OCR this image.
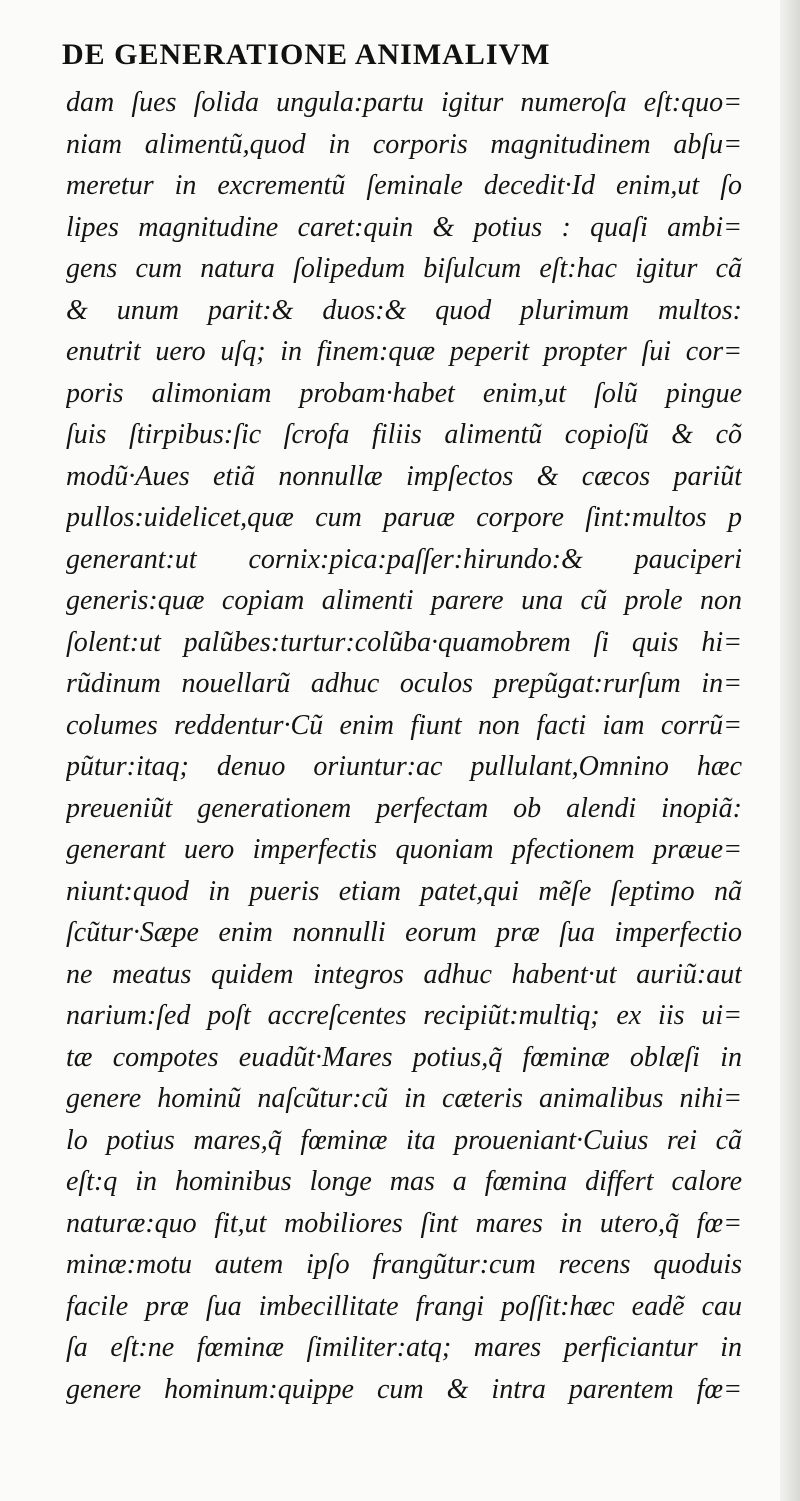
DE GENERATIONE ANIMALIVM
dam ſues ſolida ungula:partu igitur numeroſa eſt:quo=
niam alimentũ,quod in corporis magnitudinem abſu=
meretur in excrementũ ſeminale decedit·Id enim,ut ſo
lipes magnitudine caret:quin & potius : quaſi ambi=
gens cum natura ſolipedum biſulcum eſt:hac igitur cã
& unum parit:& duos:& quod plurimum multos:
enutrit uero uſq; in finem:quæ peperit propter ſui cor=
poris alimoniam probam·habet enim,ut ſolũ pingue
ſuis ſtirpibus:ſic ſcrofa filiis alimentũ copioſũ & cõ
modũ·Aues etiã nonnullæ impſectos & cæcos pariũt
pullos:uidelicet,quæ cum paruæ corpore ſint:multos p
generant:ut cornix:pica:paſſer:hirundo:& pauciperi
generis:quæ copiam alimenti parere una cũ prole non
ſolent:ut palũbes:turtur:colũba·quamobrem ſi quis hi=
rũdinum nouellarũ adhuc oculos prepũgat:rurſum in=
columes reddentur·Cũ enim fiunt non facti iam corrũ=
pũtur:itaq; denuo oriuntur:ac pullulant,Omnino hæc
preueniũt generationem perfectam ob alendi inopiã:
generant uero imperfectis quoniam pfectionem præue=
niunt:quod in pueris etiam patet,qui mẽſe ſeptimo nã
ſcũtur·Sæpe enim nonnulli eorum præ ſua imperfectio
ne meatus quidem integros adhuc habent·ut auriũ:aut
narium:ſed poſt accreſcentes recipiũt:multiq; ex iis ui=
tæ compotes euadũt·Mares potius,q̃ fœminæ oblæſi in
genere hominũ naſcũtur:cũ in cæteris animalibus nihi=
lo potius mares,q̃ fœminæ ita proueniant·Cuius rei cã
eſt:q in hominibus longe mas a fœmina differt calore
naturæ:quo fit,ut mobiliores ſint mares in utero,q̃ fœ=
minæ:motu autem ipſo frangũtur:cum recens quoduis
facile præ ſua imbecillitate frangi poſſit:hæc eadẽ cau
ſa eſt:ne fœminæ ſimiliter:atq; mares perficiantur in
genere hominum:quippe cum & intra parentem fœ=
